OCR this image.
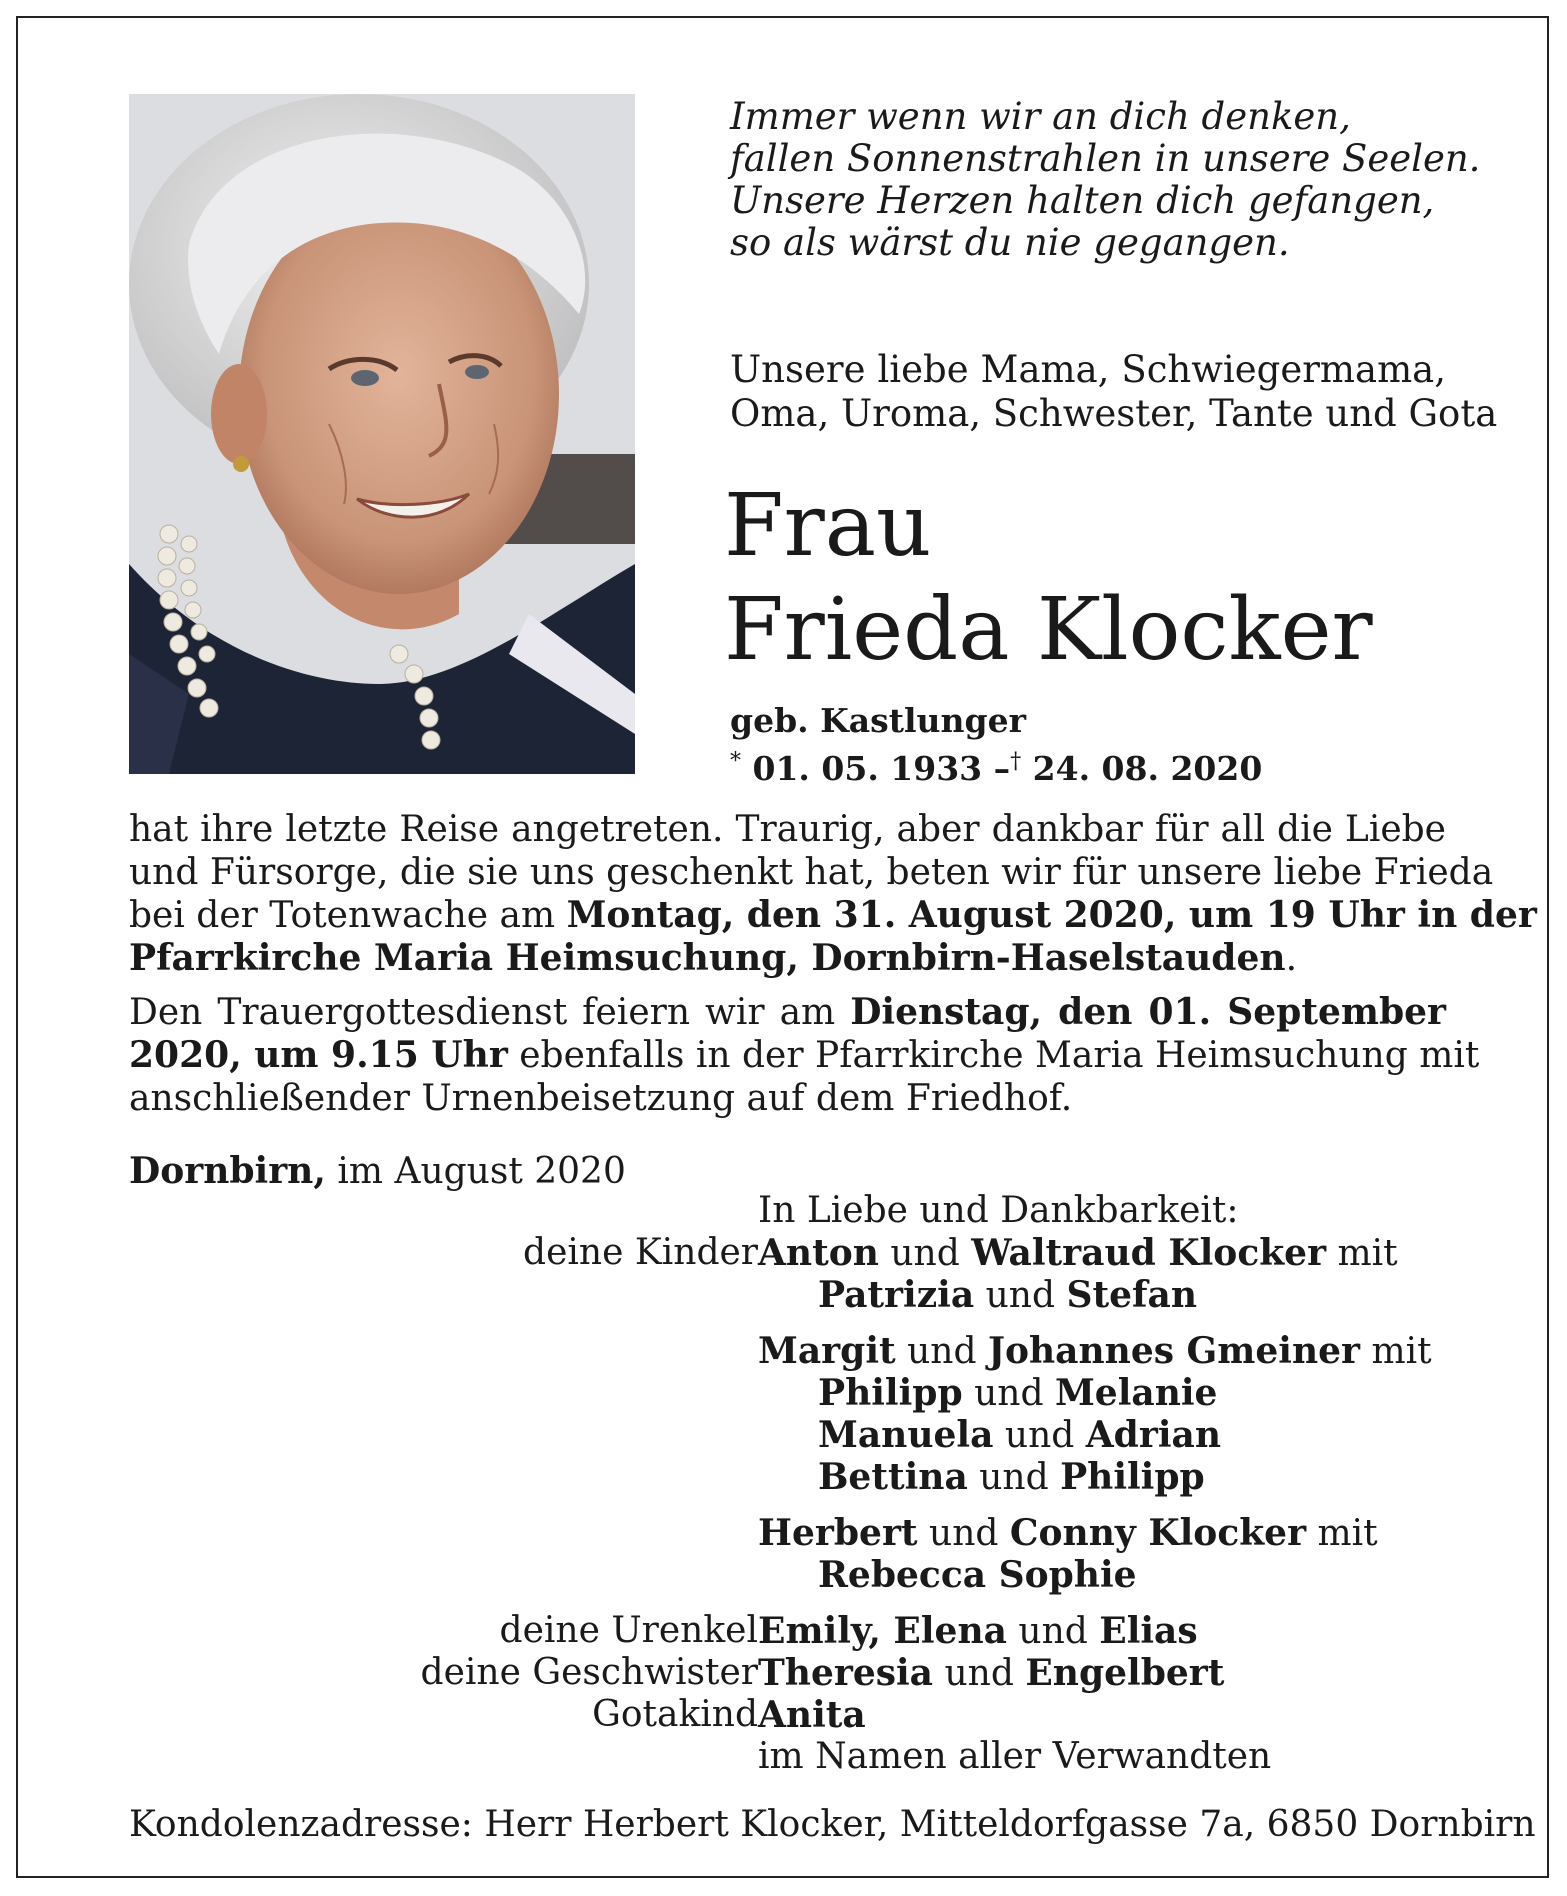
Immer wenn wir an dich denken,
fallen Sonnenstrahlen in unsere Seelen.
Unsere Herzen halten dich gefangen,
so als wärst du nie gegangen.
Unsere liebe Mama, Schwiegermama,
Oma, Uroma, Schwester, Tante und Gota
Frau
Frieda Klocker
geb. Kastlunger
* 01. 05. 1933 –† 24. 08. 2020
hat ihre letzte Reise angetreten. Traurig, aber dankbar für all die Liebe
und Fürsorge, die sie uns geschenkt hat, beten wir für unsere liebe Frieda
bei der Totenwache am Montag, den 31. August 2020, um 19 Uhr in der
Pfarrkirche Maria Heimsuchung, Dornbirn-Haselstauden.
Den Trauergottesdienst feiern wir am Dienstag, den 01. September
2020, um 9.15 Uhr ebenfalls in der Pfarrkirche Maria Heimsuchung mit
anschließender Urnenbeisetzung auf dem Friedhof.
Dornbirn, im August 2020
In Liebe und Dankbarkeit:
deine Kinder Anton und Waltraud Klocker mit
Patrizia und Stefan
Margit und Johannes Gmeiner mit
Philipp und Melanie
Manuela und Adrian
Bettina und Philipp
Herbert und Conny Klocker mit
Rebecca Sophie
deine Urenkel Emily, Elena und Elias
deine Geschwister Theresia und Engelbert
Gotakind Anita
im Namen aller Verwandten
Kondolenzadresse: Herr Herbert Klocker, Mitteldorfgasse 7a, 6850 Dornbirn
